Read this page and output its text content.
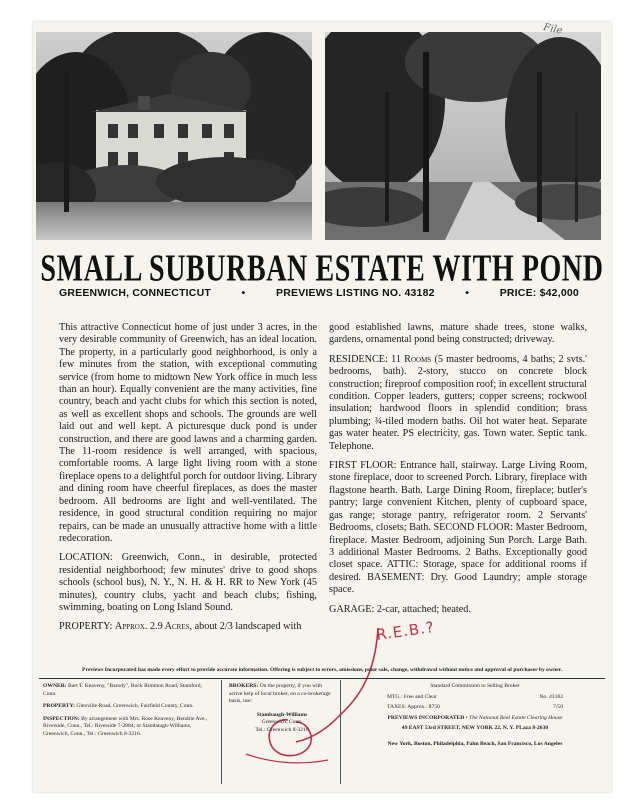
File
SMALL SUBURBAN ESTATE WITH POND
GREENWICH, CONNECTICUT	•	PREVIEWS LISTING NO. 43182	•	PRICE: $42,000

This attractive Connecticut home of just under 3 acres, in the very desirable community of Greenwich, has an ideal location. The property, in a particularly good neighborhood, is only a few minutes from the station, with exceptional commuting service (from home to midtown New York office in much less than an hour). Equally convenient are the many activities, fine country, beach and yacht clubs for which this section is noted, as well as excellent shops and schools. The grounds are well laid out and well kept. A picturesque duck pond is under construction, and there are good lawns and a charming garden. The 11-room residence is well arranged, with spacious, comfortable rooms. A large light living room with a stone fireplace opens to a delightful porch for outdoor living. Library and dining room have cheerful fireplaces, as does the master bedroom. All bedrooms are light and well-ventilated. The residence, in good structural condition requiring no major repairs, can be made an unusually attractive home with a little redecoration.

LOCATION: Greenwich, Conn., in desirable, protected residential neighborhood; few minutes' drive to good shops schools (school bus), N. Y., N. H. & H. RR to New York (45 minutes), country clubs, yacht and beach clubs; fishing, swimming, boating on Long Island Sound.

PROPERTY: Approx. 2.9 Acres, about 2/3 landscaped with

good established lawns, mature shade trees, stone walks, gardens, ornamental pond being constructed; driveway.

RESIDENCE: 11 Rooms (5 master bedrooms, 4 baths; 2 svts.' bedrooms, bath). 2-story, stucco on concrete block construction; fireproof composition roof; in excellent structural condition. Copper leaders, gutters; copper screens; rockwool insulation; hardwood floors in splendid condition; brass plumbing; ¾-tiled modern baths. Oil hot water heat. Separate gas water heater. PS electricity, gas. Town water. Septic tank. Telephone.

FIRST FLOOR: Entrance hall, stairway. Large Living Room, stone fireplace, door to screened Porch. Library, fireplace with flagstone hearth. Bath. Large Dining Room, fireplace; butler's pantry; large convenient Kitchen, plenty of cupboard space, gas range; storage pantry, refrigerator room. 2 Servants' Bedrooms, closets; Bath. SECOND FLOOR: Master Bedroom, fireplace. Master Bedroom, adjoining Sun Porch. Large Bath. 3 additional Master Bedrooms. 2 Baths. Exceptionally good closet space. ATTIC: Storage, space for additional rooms if desired. BASEMENT: Dry. Good Laundry; ample storage space.

GARAGE: 2-car, attached; heated.

R.E.B.?
Previews Incorporated has made every effort to provide accurate information. Offering is subject to errors, omissions, prior sale, change, withdrawal without notice and approval of purchaser by owner.

OWNER: Bart T. Keaveny, "Barody", Rock Rimmon Road, Stamford, Conn.

PROPERTY: Glenville Road, Greenwich, Fairfield County, Conn.

INSPECTION: By arrangement with Mrs. Rose Keaveny, Hendrie Ave., Riverside, Conn., Tel.: Riverside 7-2884; or Stambaugh-Williams, Greenwich, Conn., Tel.: Greenwich 8-3216.

BROKERS: On the property, if you with active help of local broker, on a co-brokerage basis, use:

Stambaugh-Williams
Greenwich, Conn.
Tel.: Greenwich 8-3216

Standard Commission to Selling Broker

MTG.: Free and Clear	No. 43182

TAXES: Approx.: $750	7/50

PREVIEWS INCORPORATED • The National Real Estate Clearing House

49 EAST 53rd STREET, NEW YORK 22, N. Y. PLaza 8-2630

New York, Boston, Philadelphia, Palm Beach, San Francisco, Los Angeles
